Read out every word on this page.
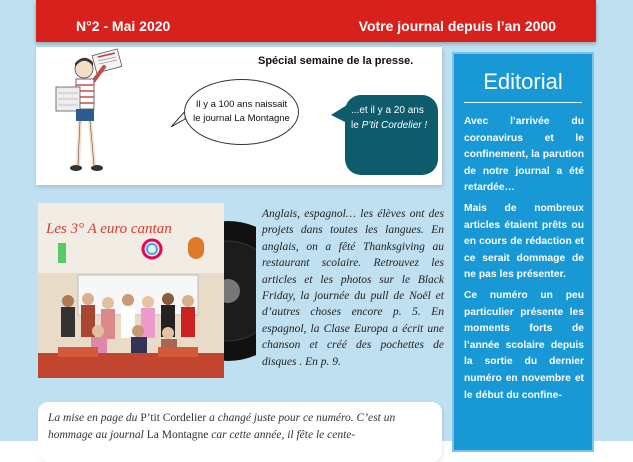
N°2 - Mai 2020	Votre journal depuis l’an 2000
Spécial semaine de la presse.
Il y a 100 ans naissait le journal La Montagne
...et il y a 20 ans le P’tit Cordelier !
Les 3° A euro cantan
Anglais, espagnol… les élèves ont des projets dans toutes les langues. En anglais, on a fêté Thanksgiving au restaurant scolaire. Retrouvez les articles et les photos sur le Black Friday, la journée du pull de Noël et d’autres choses encore p. 5. En espagnol, la Clase Europa a écrit une chanson et créé des pochettes de disques . En p. 9.
La mise en page du P’tit Cordelier a changé juste pour ce numéro. C’est un hommage au journal La Montagne car cette année, il fête le cente-
Editorial

Avec l’arrivée du coronavirus et le confinement, la parution de notre journal a été retardée…

Mais de nombreux articles étaient prêts ou en cours de rédaction et ce serait dommage de ne pas les présenter.

Ce numéro un peu particulier présente les moments forts de l’année scolaire depuis la sortie du dernier numéro en novembre et le début du confine-
